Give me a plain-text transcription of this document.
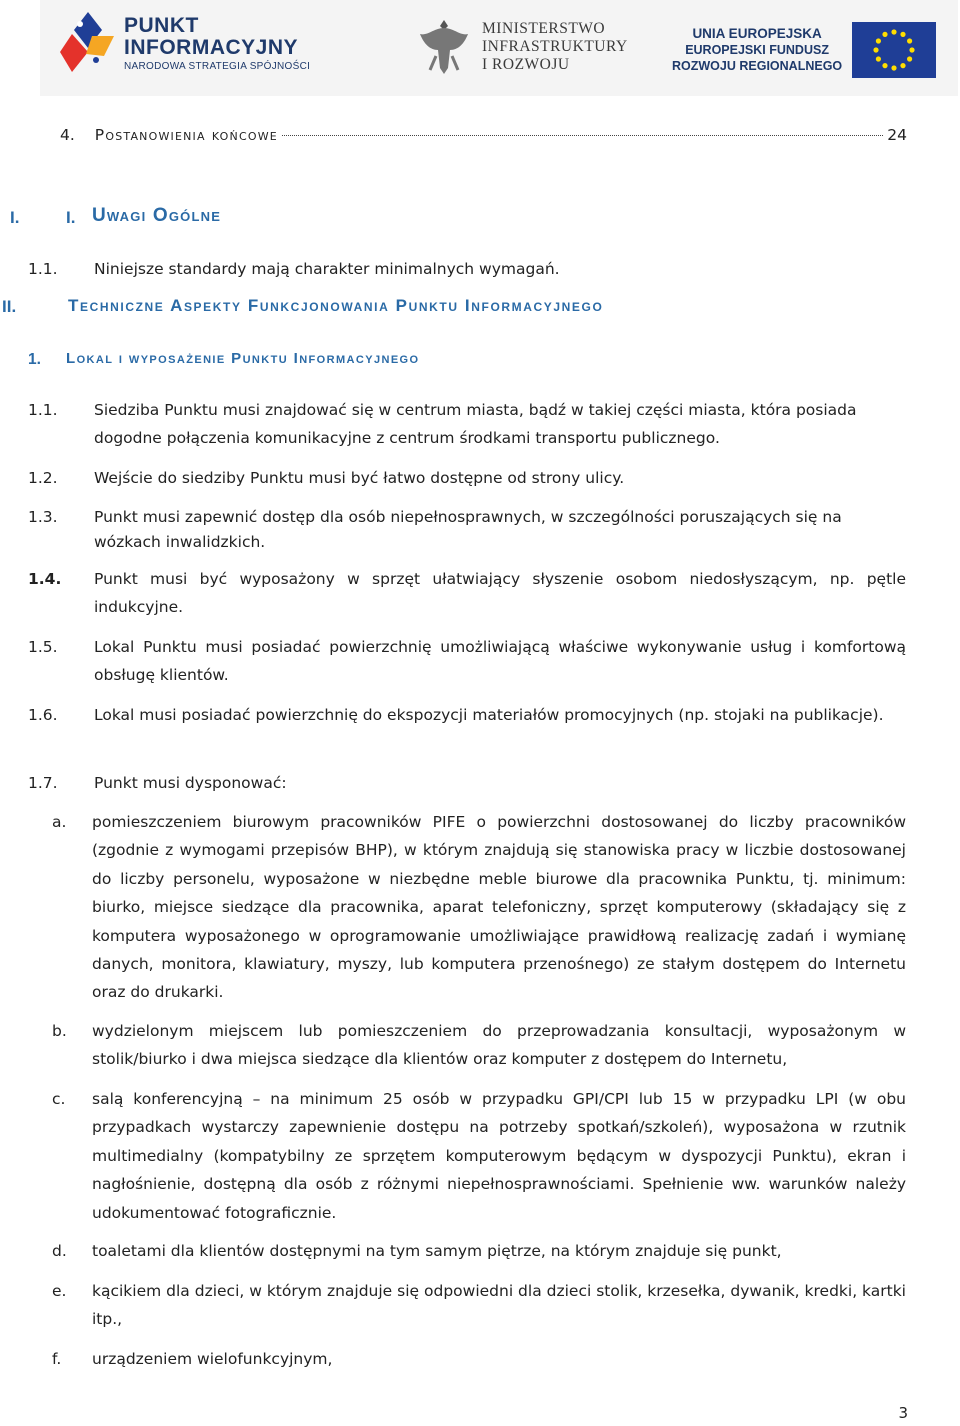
PUNKT
INFORMACYJNY
NARODOWA STRATEGIA SPÓJNOŚCI
MINISTERSTWO
INFRASTRUKTURY
I ROZWOJU
UNIA EUROPEJSKA
EUROPEJSKI FUNDUSZ
ROZWOJU REGIONALNEGO
4. Postanowienia końcowe	24
I.	I. Uwagi Ogólne
1.1. Niniejsze standardy mają charakter minimalnych wymagań.
II.	Techniczne Aspekty Funkcjonowania Punktu Informacyjnego
1. Lokal i wyposażenie Punktu Informacyjnego
1.1. Siedziba Punktu musi znajdować się w centrum miasta, bądź w takiej części miasta, która posiada dogodne połączenia komunikacyjne z centrum środkami transportu publicznego.
1.2. Wejście do siedziby Punktu musi być łatwo dostępne od strony ulicy.
1.3. Punkt musi zapewnić dostęp dla osób niepełnosprawnych, w szczególności poruszających się na wózkach inwalidzkich.
1.4. Punkt musi być wyposażony w sprzęt ułatwiający słyszenie osobom niedosłyszącym, np. pętle indukcyjne.
1.5. Lokal Punktu musi posiadać powierzchnię umożliwiającą właściwe wykonywanie usług i komfortową obsługę klientów.
1.6. Lokal musi posiadać powierzchnię do ekspozycji materiałów promocyjnych (np. stojaki na publikacje).
1.7. Punkt musi dysponować:
a. pomieszczeniem biurowym pracowników PIFE o powierzchni dostosowanej do liczby pracowników (zgodnie z wymogami przepisów BHP), w którym znajdują się stanowiska pracy w liczbie dostosowanej do liczby personelu, wyposażone w niezbędne meble biurowe dla pracownika Punktu, tj. minimum: biurko, miejsce siedzące dla pracownika, aparat telefoniczny, sprzęt komputerowy (składający się z komputera wyposażonego w oprogramowanie umożliwiające prawidłową realizację zadań i wymianę danych, monitora, klawiatury, myszy, lub komputera przenośnego) ze stałym dostępem do Internetu oraz do drukarki.
b. wydzielonym miejscem lub pomieszczeniem do przeprowadzania konsultacji, wyposażonym w stolik/biurko i dwa miejsca siedzące dla klientów oraz komputer z dostępem do Internetu,
c. salą konferencyjną – na minimum 25 osób w przypadku GPI/CPI lub 15 w przypadku LPI (w obu przypadkach wystarczy zapewnienie dostępu na potrzeby spotkań/szkoleń), wyposażona w rzutnik multimedialny (kompatybilny ze sprzętem komputerowym będącym w dyspozycji Punktu), ekran i nagłośnienie, dostępną dla osób z różnymi niepełnosprawnościami. Spełnienie ww. warunków należy udokumentować fotograficznie.
d. toaletami dla klientów dostępnymi na tym samym piętrze, na którym znajduje się punkt,
e. kącikiem dla dzieci, w którym znajduje się odpowiedni dla dzieci stolik, krzesełka, dywanik, kredki, kartki itp.,
f. urządzeniem wielofunkcyjnym,
3
